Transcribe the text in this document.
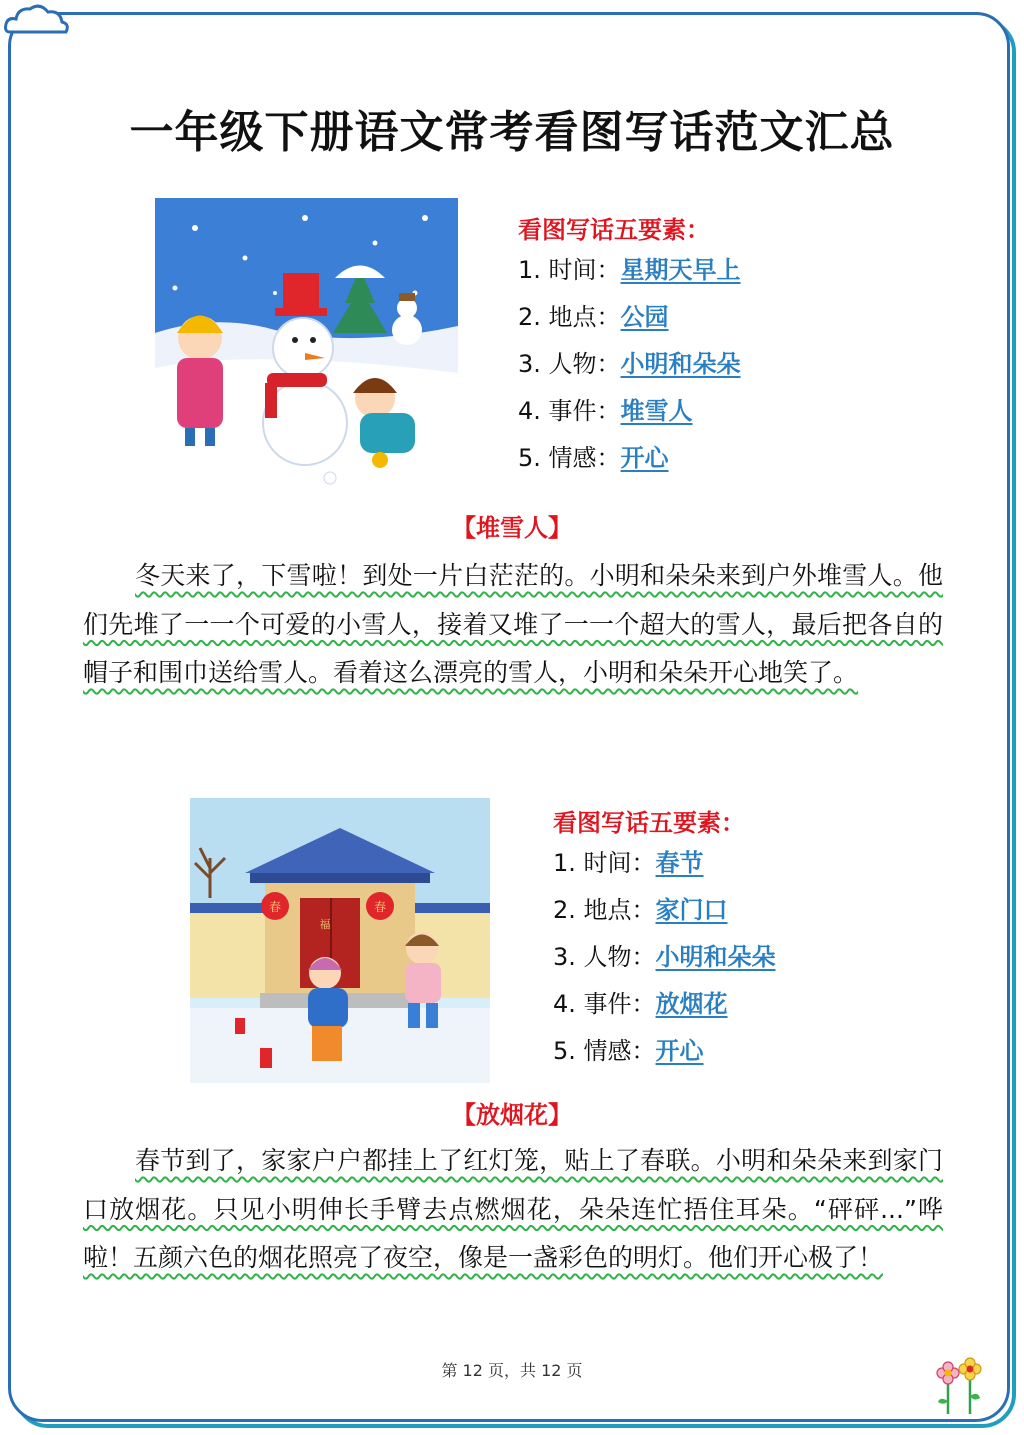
一年级下册语文常考看图写话范文汇总
看图写话五要素：
1. 时间：星期天早上
2. 地点：公园
3. 人物：小明和朵朵
4. 事件：堆雪人
5. 情感：开心
【堆雪人】
冬天来了，下雪啦！到处一片白茫茫的。小明和朵朵来到户外堆雪人。他们先堆了一一个可爱的小雪人，接着又堆了一一个超大的雪人，最后把各自的帽子和围巾送给雪人。看着这么漂亮的雪人，小明和朵朵开心地笑了。
春	春
福
看图写话五要素：
1. 时间：春节
2. 地点：家门口
3. 人物：小明和朵朵
4. 事件：放烟花
5. 情感：开心
【放烟花】
春节到了，家家户户都挂上了红灯笼，贴上了春联。小明和朵朵来到家门口放烟花。只见小明伸长手臂去点燃烟花，朵朵连忙捂住耳朵。“砰砰...”哗啦！五颜六色的烟花照亮了夜空，像是一盏彩色的明灯。他们开心极了！
第 12 页，共 12 页
